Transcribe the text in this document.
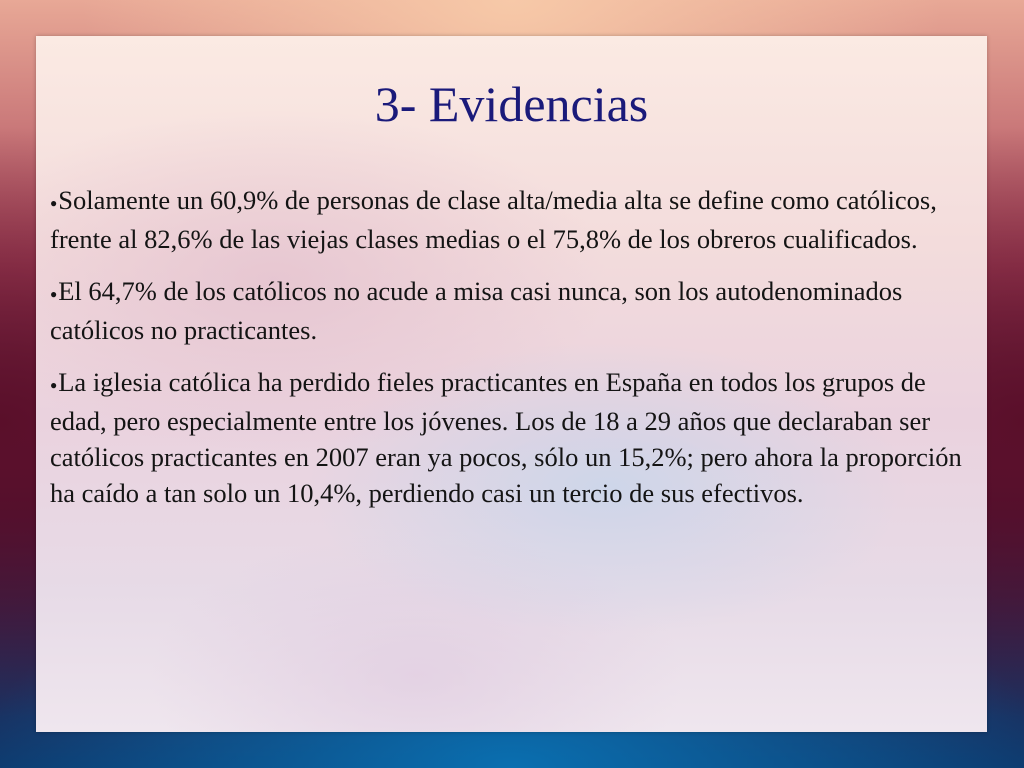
3- Evidencias
●Solamente un 60,9% de personas de clase alta/media alta se define como católicos, frente al 82,6% de las viejas clases medias o el 75,8% de los obreros cualificados.
●El 64,7% de los católicos no acude a misa casi nunca, son los autodenominados católicos no practicantes.
●La iglesia católica ha perdido fieles practicantes en España en todos los grupos de edad, pero especialmente entre los jóvenes. Los de 18 a 29 años que declaraban ser católicos practicantes en 2007 eran ya pocos, sólo un 15,2%; pero ahora la proporción ha caído a tan solo un 10,4%, perdiendo casi un tercio de sus efectivos.
